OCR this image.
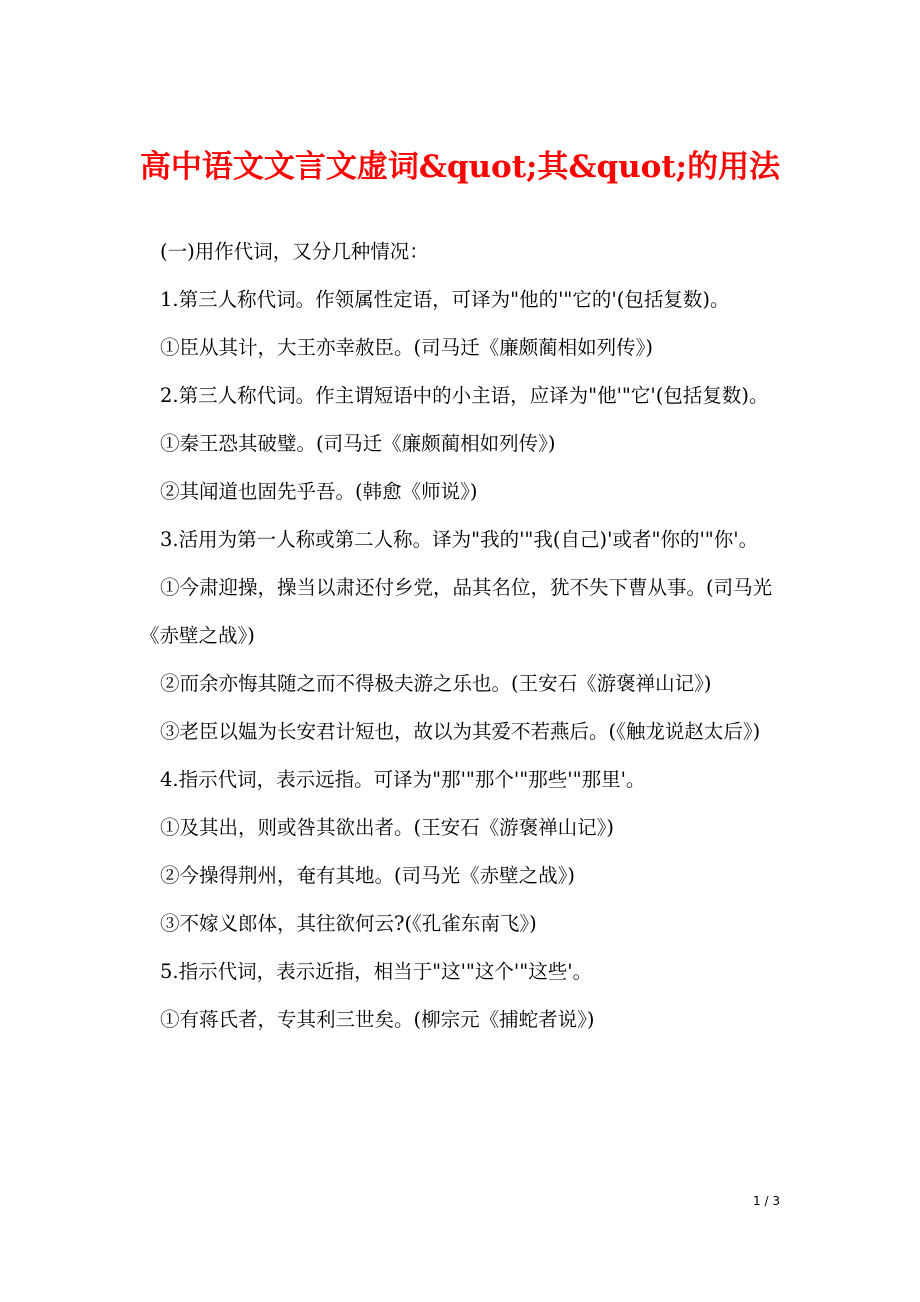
高中语文文言文虚词&quot;其&quot;的用法

(一)用作代词，又分几种情况：

1.第三人称代词。作领属性定语，可译为"他的'"它的'(包括复数)。

①臣从其计，大王亦幸赦臣。(司马迁《廉颇蔺相如列传》)

2.第三人称代词。作主谓短语中的小主语，应译为"他'"它'(包括复数)。

①秦王恐其破璧。(司马迁《廉颇蔺相如列传》)

②其闻道也固先乎吾。(韩愈《师说》)

3.活用为第一人称或第二人称。译为"我的'"我(自己)'或者"你的'"你'。

①今肃迎操，操当以肃还付乡党，品其名位，犹不失下曹从事。(司马光《赤壁之战》)

②而余亦悔其随之而不得极夫游之乐也。(王安石《游褒禅山记》)

③老臣以媪为长安君计短也，故以为其爱不若燕后。(《触龙说赵太后》)

4.指示代词，表示远指。可译为"那'"那个'"那些'"那里'。

①及其出，则或咎其欲出者。(王安石《游褒禅山记》)

②今操得荆州，奄有其地。(司马光《赤壁之战》)

③不嫁义郎体，其往欲何云?(《孔雀东南飞》)

5.指示代词，表示近指，相当于"这'"这个'"这些'。

①有蒋氏者，专其利三世矣。(柳宗元《捕蛇者说》)

1 / 3
